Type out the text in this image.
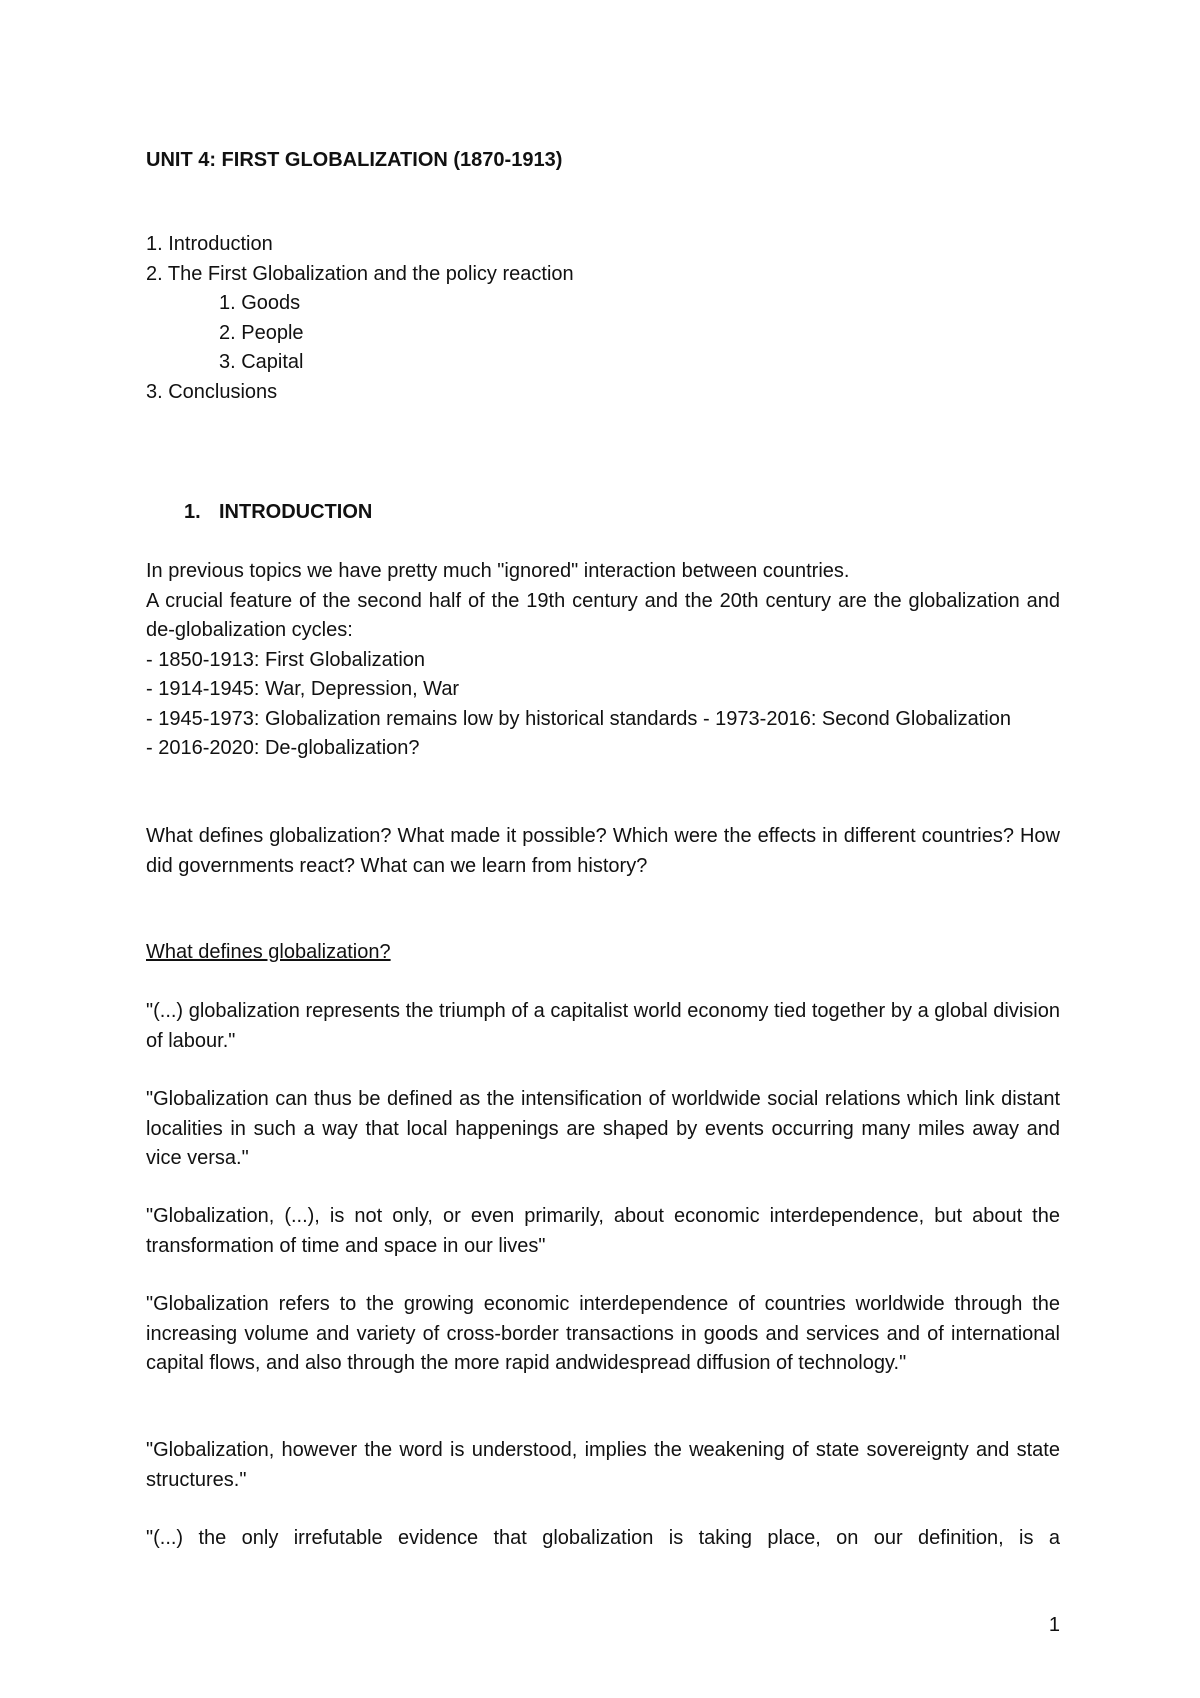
UNIT 4: FIRST GLOBALIZATION (1870-1913)
1. Introduction
2. The First Globalization and the policy reaction
1. Goods
2. People
3. Capital
3. Conclusions
1. INTRODUCTION
In previous topics we have pretty much "ignored" interaction between countries.
A crucial feature of the second half of the 19th century and the 20th century are the globalization and de-globalization cycles:
- 1850-1913: First Globalization
- 1914-1945: War, Depression, War
- 1945-1973: Globalization remains low by historical standards - 1973-2016: Second Globalization
- 2016-2020: De-globalization?
What defines globalization? What made it possible? Which were the effects in different countries? How did governments react? What can we learn from history?
What defines globalization?
"(...) globalization represents the triumph of a capitalist world economy tied together by a global division of labour."
"Globalization can thus be defined as the intensification of worldwide social relations which link distant localities in such a way that local happenings are shaped by events occurring many miles away and vice versa."
"Globalization, (...), is not only, or even primarily, about economic interdependence, but about the transformation of time and space in our lives"
"Globalization refers to the growing economic interdependence of countries worldwide through the increasing volume and variety of cross-border transactions in goods and services and of international capital flows, and also through the more rapid andwidespread diffusion of technology."
"Globalization, however the word is understood, implies the weakening of state sovereignty and state structures."
"(...) the only irrefutable evidence that globalization is taking place, on our definition, is a
1
